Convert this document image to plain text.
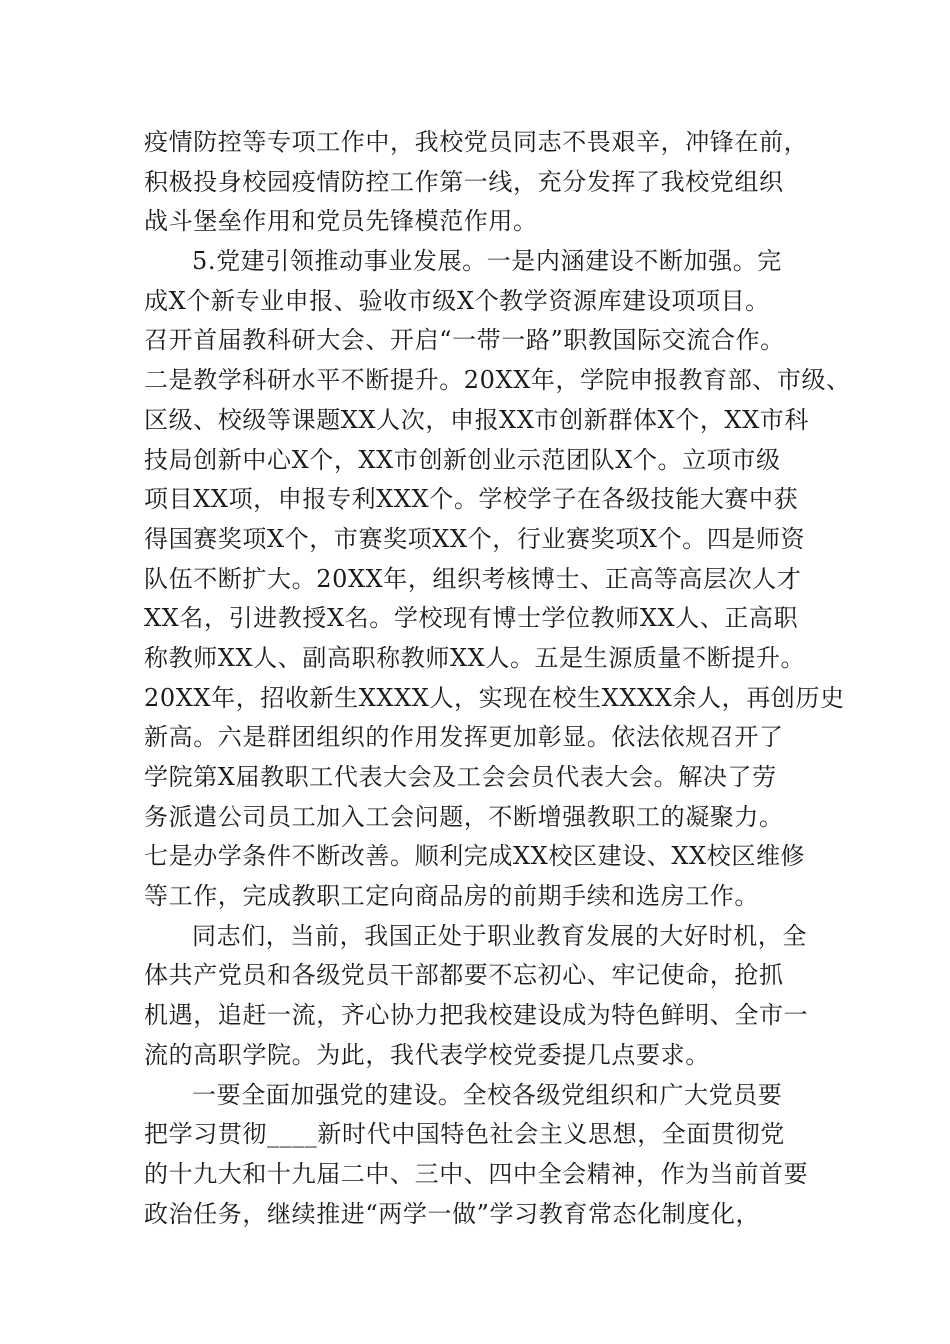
疫情防控等专项工作中，我校党员同志不畏艰辛，冲锋在前，
积极投身校园疫情防控工作第一线，充分发挥了我校党组织
战斗堡垒作用和党员先锋模范作用。
5.党建引领推动事业发展。一是内涵建设不断加强。完
成X个新专业申报、验收市级X个教学资源库建设项项目。
召开首届教科研大会、开启“一带一路”职教国际交流合作。
二是教学科研水平不断提升。20XX年，学院申报教育部、市级、
区级、校级等课题XX人次，申报XX市创新群体X个，XX市科
技局创新中心X个，XX市创新创业示范团队X个。立项市级
项目XX项，申报专利XXX个。学校学子在各级技能大赛中获
得国赛奖项X个，市赛奖项XX个，行业赛奖项X个。四是师资
队伍不断扩大。20XX年，组织考核博士、正高等高层次人才
XX名，引进教授X名。学校现有博士学位教师XX人、正高职
称教师XX人、副高职称教师XX人。五是生源质量不断提升。
20XX年，招收新生XXXX人，实现在校生XXXX余人，再创历史
新高。六是群团组织的作用发挥更加彰显。依法依规召开了
学院第X届教职工代表大会及工会会员代表大会。解决了劳
务派遣公司员工加入工会问题，不断增强教职工的凝聚力。
七是办学条件不断改善。顺利完成XX校区建设、XX校区维修
等工作，完成教职工定向商品房的前期手续和选房工作。
同志们，当前，我国正处于职业教育发展的大好时机，全
体共产党员和各级党员干部都要不忘初心、牢记使命，抢抓
机遇，追赶一流，齐心协力把我校建设成为特色鲜明、全市一
流的高职学院。为此，我代表学校党委提几点要求。
一要全面加强党的建设。全校各级党组织和广大党员要
把学习贯彻____新时代中国特色社会主义思想，全面贯彻党
的十九大和十九届二中、三中、四中全会精神，作为当前首要
政治任务，继续推进“两学一做”学习教育常态化制度化，
